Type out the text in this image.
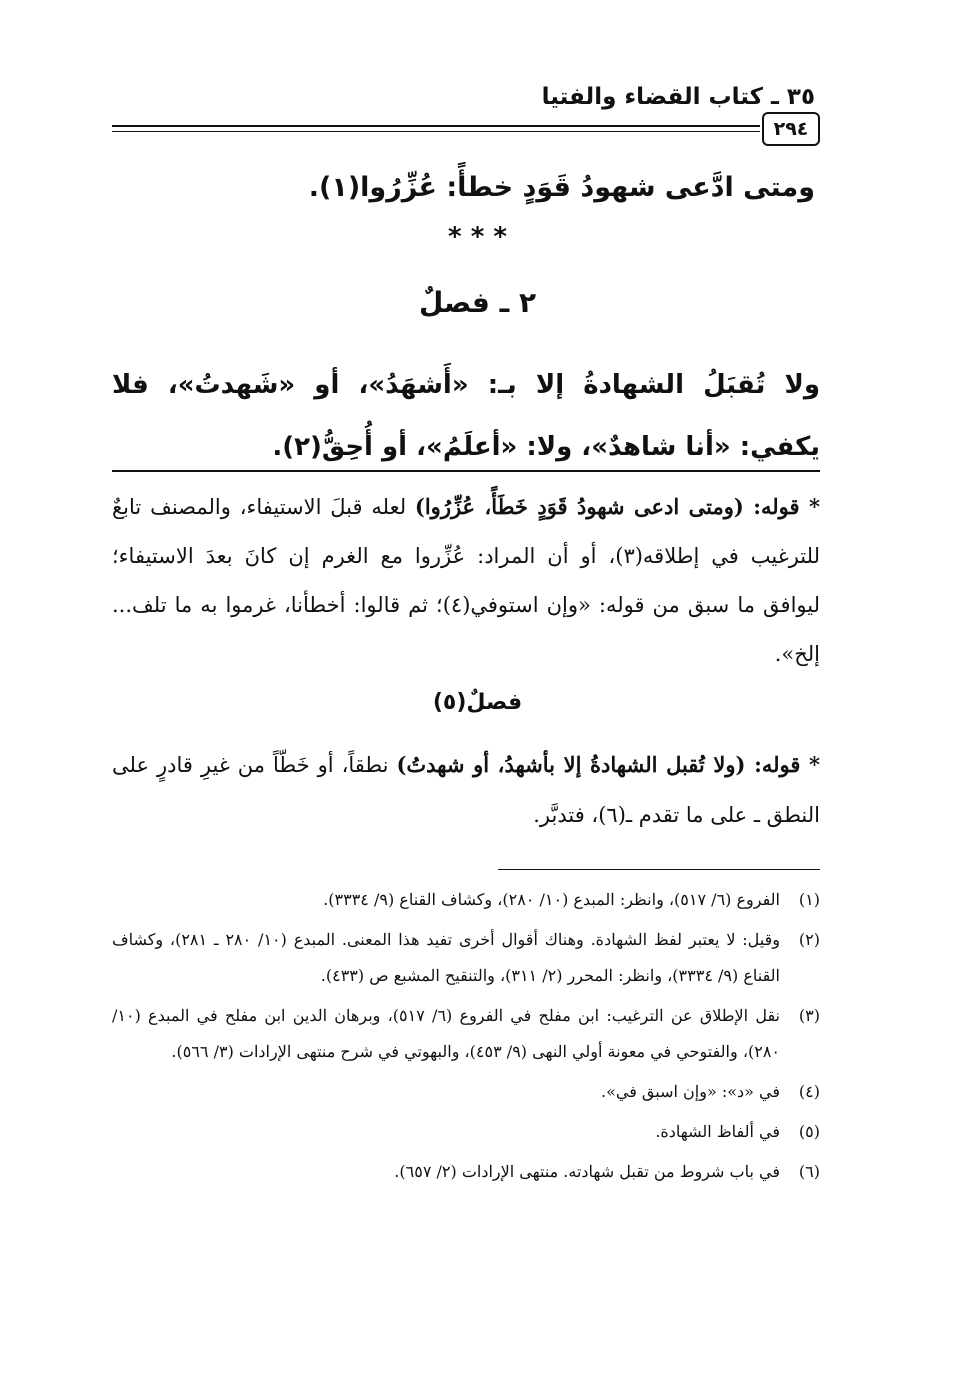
٣٥ ـ كتاب القضاء والفتيا
٢٩٤
ومتى ادَّعى شهودُ قَوَدٍ خطأً: عُزِّرُوا(١).
* * *
٢ ـ فصلٌ
ولا تُقبَلُ الشهادةُ إلا بـ: «أَشهَدُ»، أو «شَهدتُ»، فلا يكفي: «أنا شاهدٌ»، ولا: «أعلَمُ»، أو أُحِقُّ(٢).
* قوله: (ومتى ادعى شهودُ قَوَدٍ خَطَأً، عُزِّرُوا) لعله قبلَ الاستيفاء، والمصنف تابعٌ للترغيب في إطلاقه(٣)، أو أن المراد: عُزِّروا مع الغرم إن كانَ بعدَ الاستيفاء؛ ليوافق ما سبق من قوله: «وإن استوفي(٤)؛ ثم قالوا: أخطأنا، غرموا به ما تلف... إلخ».
فصلٌ(٥)
* قوله: (ولا تُقبل الشهادةُ إلا بأشهدُ، أو شهدتُ) نطقاً، أو خَطّاً من غيرِ قادرٍ على النطق ـ على ما تقدم ـ(٦)، فتدبَّر.
(١)
الفروع (٦/ ٥١٧)، وانظر: المبدع (١٠/ ٢٨٠)، وكشاف القناع (٩/ ٣٣٣٤).
(٢)
وقيل: لا يعتبر لفظ الشهادة. وهناك أقوال أخرى تفيد هذا المعنى. المبدع (١٠/ ٢٨٠ ـ ٢٨١)، وكشاف القناع (٩/ ٣٣٣٤)، وانظر: المحرر (٢/ ٣١١)، والتنقيح المشبع ص (٤٣٣).
(٣)
نقل الإطلاق عن الترغيب: ابن مفلح في الفروع (٦/ ٥١٧)، وبرهان الدين ابن مفلح في المبدع (١٠/ ٢٨٠)، والفتوحي في معونة أولي النهى (٩/ ٤٥٣)، والبهوتي في شرح منتهى الإرادات (٣/ ٥٦٦).
(٤)
في «د»: «وإن اسبق في».
(٥)
في ألفاظ الشهادة.
(٦)
في باب شروط من تقبل شهادته. منتهى الإرادات (٢/ ٦٥٧).
